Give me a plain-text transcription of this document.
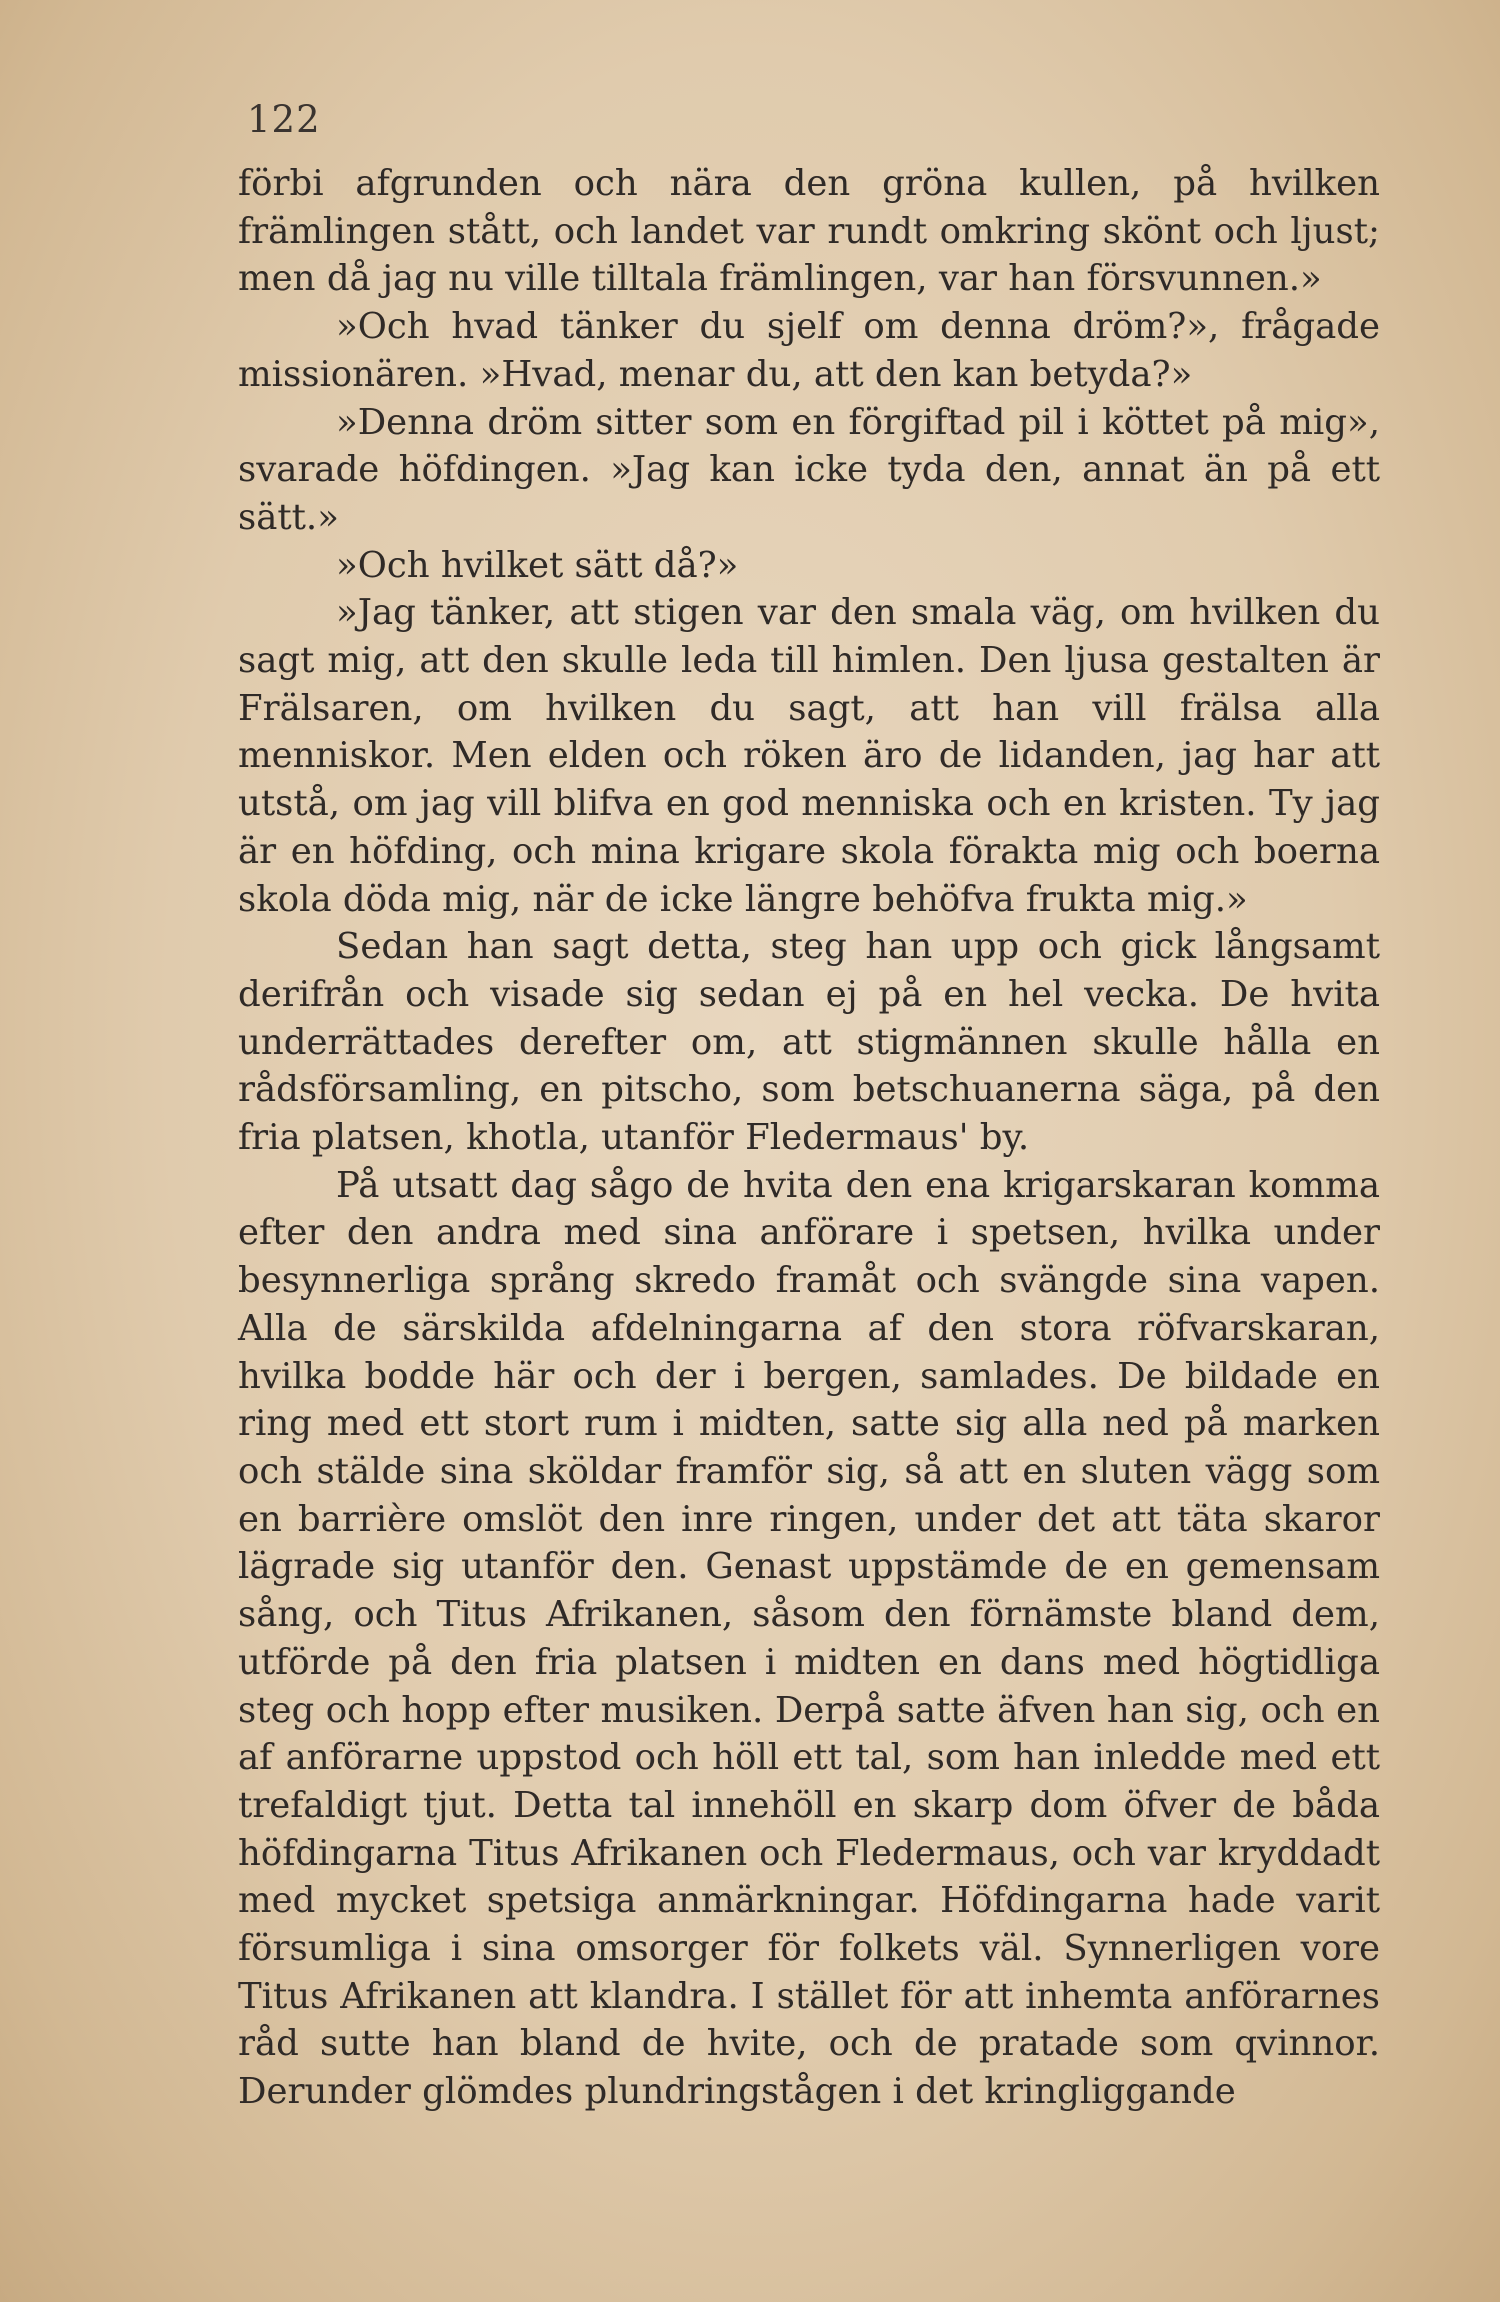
122

förbi afgrunden och nära den gröna kullen, på hvilken främlingen stått, och landet var rundt omkring skönt och ljust; men då jag nu ville tilltala främlingen, var han försvunnen.»

»Och hvad tänker du sjelf om denna dröm?», frågade missionären. »Hvad, menar du, att den kan betyda?»

»Denna dröm sitter som en förgiftad pil i köttet på mig», svarade höfdingen. »Jag kan icke tyda den, annat än på ett sätt.»

»Och hvilket sätt då?»

»Jag tänker, att stigen var den smala väg, om hvilken du sagt mig, att den skulle leda till himlen. Den ljusa gestalten är Frälsaren, om hvilken du sagt, att han vill frälsa alla menniskor. Men elden och röken äro de lidanden, jag har att utstå, om jag vill blifva en god menniska och en kristen. Ty jag är en höfding, och mina krigare skola förakta mig och boerna skola döda mig, när de icke längre behöfva frukta mig.»

Sedan han sagt detta, steg han upp och gick långsamt derifrån och visade sig sedan ej på en hel vecka. De hvita underrättades derefter om, att stigmännen skulle hålla en rådsförsamling, en pitscho, som betschuanerna säga, på den fria platsen, khotla, utanför Fledermaus' by.

På utsatt dag sågo de hvita den ena krigarskaran komma efter den andra med sina anförare i spetsen, hvilka under besynnerliga språng skredo framåt och svängde sina vapen. Alla de särskilda afdelningarna af den stora röfvarskaran, hvilka bodde här och der i bergen, samlades. De bildade en ring med ett stort rum i midten, satte sig alla ned på marken och stälde sina sköldar framför sig, så att en sluten vägg som en barrière omslöt den inre ringen, under det att täta skaror lägrade sig utanför den. Genast uppstämde de en gemensam sång, och Titus Afrikanen, såsom den förnämste bland dem, utförde på den fria platsen i midten en dans med högtidliga steg och hopp efter musiken. Derpå satte äfven han sig, och en af anförarne uppstod och höll ett tal, som han inledde med ett trefaldigt tjut. Detta tal innehöll en skarp dom öfver de båda höfdingarna Titus Afrikanen och Fledermaus, och var kryddadt med mycket spetsiga anmärkningar. Höfdingarna hade varit försumliga i sina omsorger för folkets väl. Synnerligen vore Titus Afrikanen att klandra. I stället för att inhemta anförarnes råd sutte han bland de hvite, och de pratade som qvinnor. Derunder glömdes plundringstågen i det kringliggande
